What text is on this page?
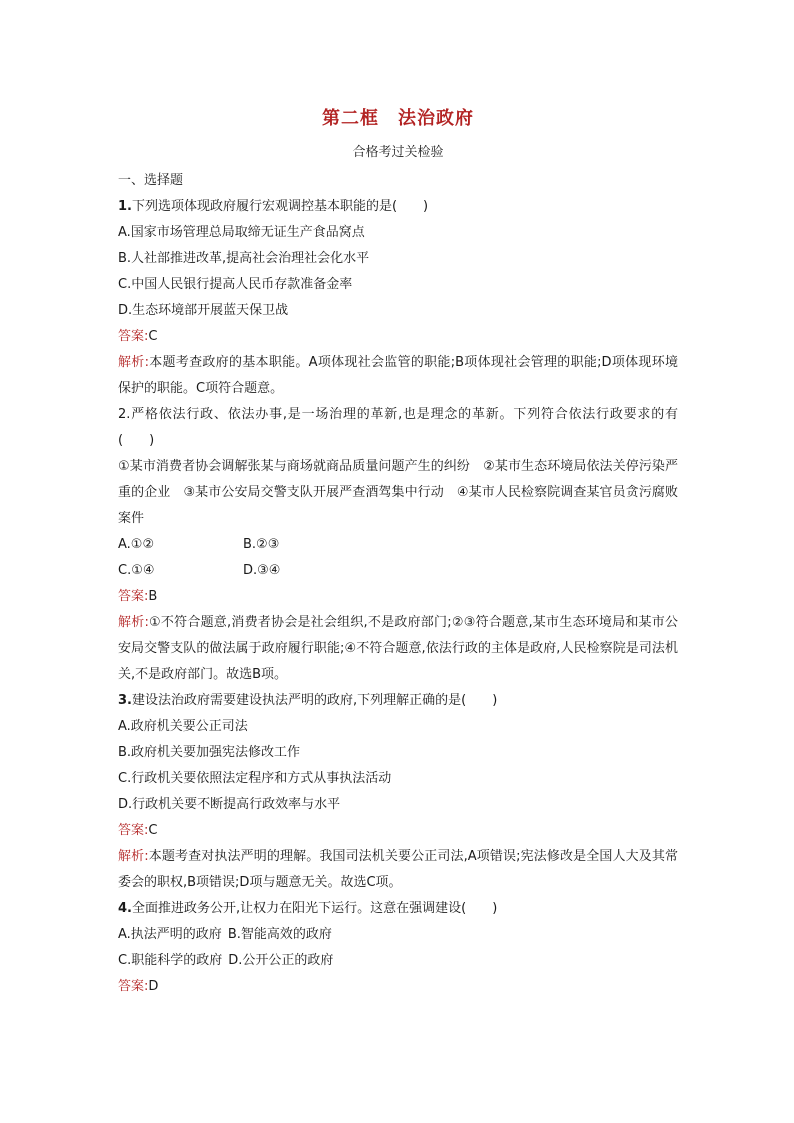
第二框　法治政府
合格考过关检验
一、选择题
1.下列选项体现政府履行宏观调控基本职能的是(　　)
A.国家市场管理总局取缔无证生产食品窝点
B.人社部推进改革,提高社会治理社会化水平
C.中国人民银行提高人民币存款准备金率
D.生态环境部开展蓝天保卫战
答案:C
解析:本题考查政府的基本职能。A项体现社会监管的职能;B项体现社会管理的职能;D项体现环境保护的职能。C项符合题意。
2.严格依法行政、依法办事,是一场治理的革新,也是理念的革新。下列符合依法行政要求的有(　　)
①某市消费者协会调解张某与商场就商品质量问题产生的纠纷　②某市生态环境局依法关停污染严重的企业　③某市公安局交警支队开展严查酒驾集中行动　④某市人民检察院调查某官员贪污腐败案件
A.①②	B.②③
C.①④	D.③④
答案:B
解析:①不符合题意,消费者协会是社会组织,不是政府部门;②③符合题意,某市生态环境局和某市公安局交警支队的做法属于政府履行职能;④不符合题意,依法行政的主体是政府,人民检察院是司法机关,不是政府部门。故选B项。
3.建设法治政府需要建设执法严明的政府,下列理解正确的是(　　)
A.政府机关要公正司法
B.政府机关要加强宪法修改工作
C.行政机关要依照法定程序和方式从事执法活动
D.行政机关要不断提高行政效率与水平
答案:C
解析:本题考查对执法严明的理解。我国司法机关要公正司法,A项错误;宪法修改是全国人大及其常委会的职权,B项错误;D项与题意无关。故选C项。
4.全面推进政务公开,让权力在阳光下运行。这意在强调建设(　　)
A.执法严明的政府 B.智能高效的政府
C.职能科学的政府 D.公开公正的政府
答案:D
